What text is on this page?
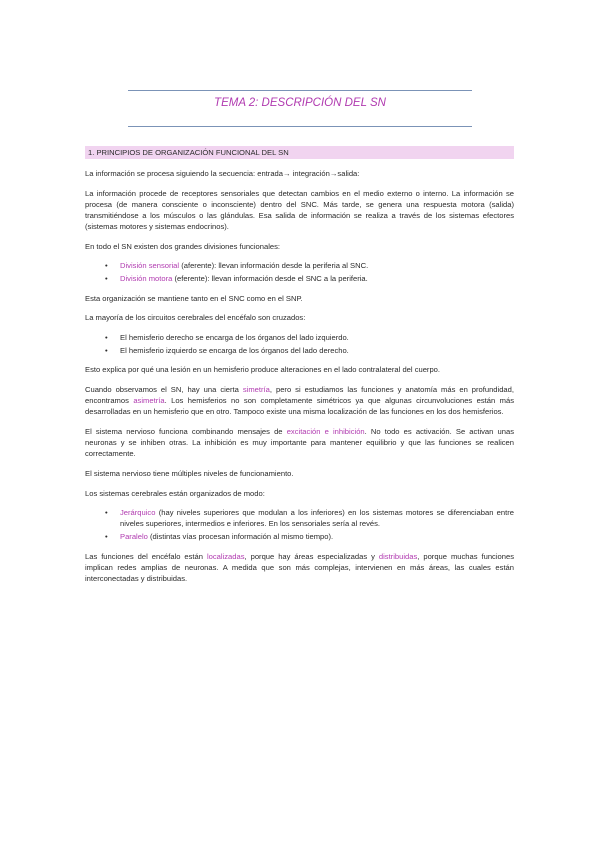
TEMA 2: DESCRIPCIÓN DEL SN
1. PRINCIPIOS DE ORGANIZACIÓN FUNCIONAL DEL SN

La información se procesa siguiendo la secuencia: entrada→ integración→salida:

La información procede de receptores sensoriales que detectan cambios en el medio externo o interno. La información se procesa (de manera consciente o inconsciente) dentro del SNC. Más tarde, se genera una respuesta motora (salida) transmitiéndose a los músculos o las glándulas. Esa salida de información se realiza a través de los sistemas efectores (sistemas motores y sistemas endocrinos).

En todo el SN existen dos grandes divisiones funcionales:

• División sensorial (aferente): llevan información desde la periferia al SNC.
• División motora (eferente): llevan información desde el SNC a la periferia.

Esta organización se mantiene tanto en el SNC como en el SNP.

La mayoría de los circuitos cerebrales del encéfalo son cruzados:

• El hemisferio derecho se encarga de los órganos del lado izquierdo.
• El hemisferio izquierdo se encarga de los órganos del lado derecho.

Esto explica por qué una lesión en un hemisferio produce alteraciones en el lado contralateral del cuerpo.

Cuando observamos el SN, hay una cierta simetría, pero si estudiamos las funciones y anatomía más en profundidad, encontramos asimetría. Los hemisferios no son completamente simétricos ya que algunas circunvoluciones están más desarrolladas en un hemisferio que en otro. Tampoco existe una misma localización de las funciones en los dos hemisferios.

El sistema nervioso funciona combinando mensajes de excitación e inhibición. No todo es activación. Se activan unas neuronas y se inhiben otras. La inhibición es muy importante para mantener equilibrio y que las funciones se realicen correctamente.

El sistema nervioso tiene múltiples niveles de funcionamiento.

Los sistemas cerebrales están organizados de modo:

• Jerárquico (hay niveles superiores que modulan a los inferiores) en los sistemas motores se diferenciaban entre niveles superiores, intermedios e inferiores. En los sensoriales sería al revés.
• Paralelo (distintas vías procesan información al mismo tiempo).

Las funciones del encéfalo están localizadas, porque hay áreas especializadas y distribuidas, porque muchas funciones implican redes amplias de neuronas. A medida que son más complejas, intervienen en más áreas, las cuales están interconectadas y distribuidas.
